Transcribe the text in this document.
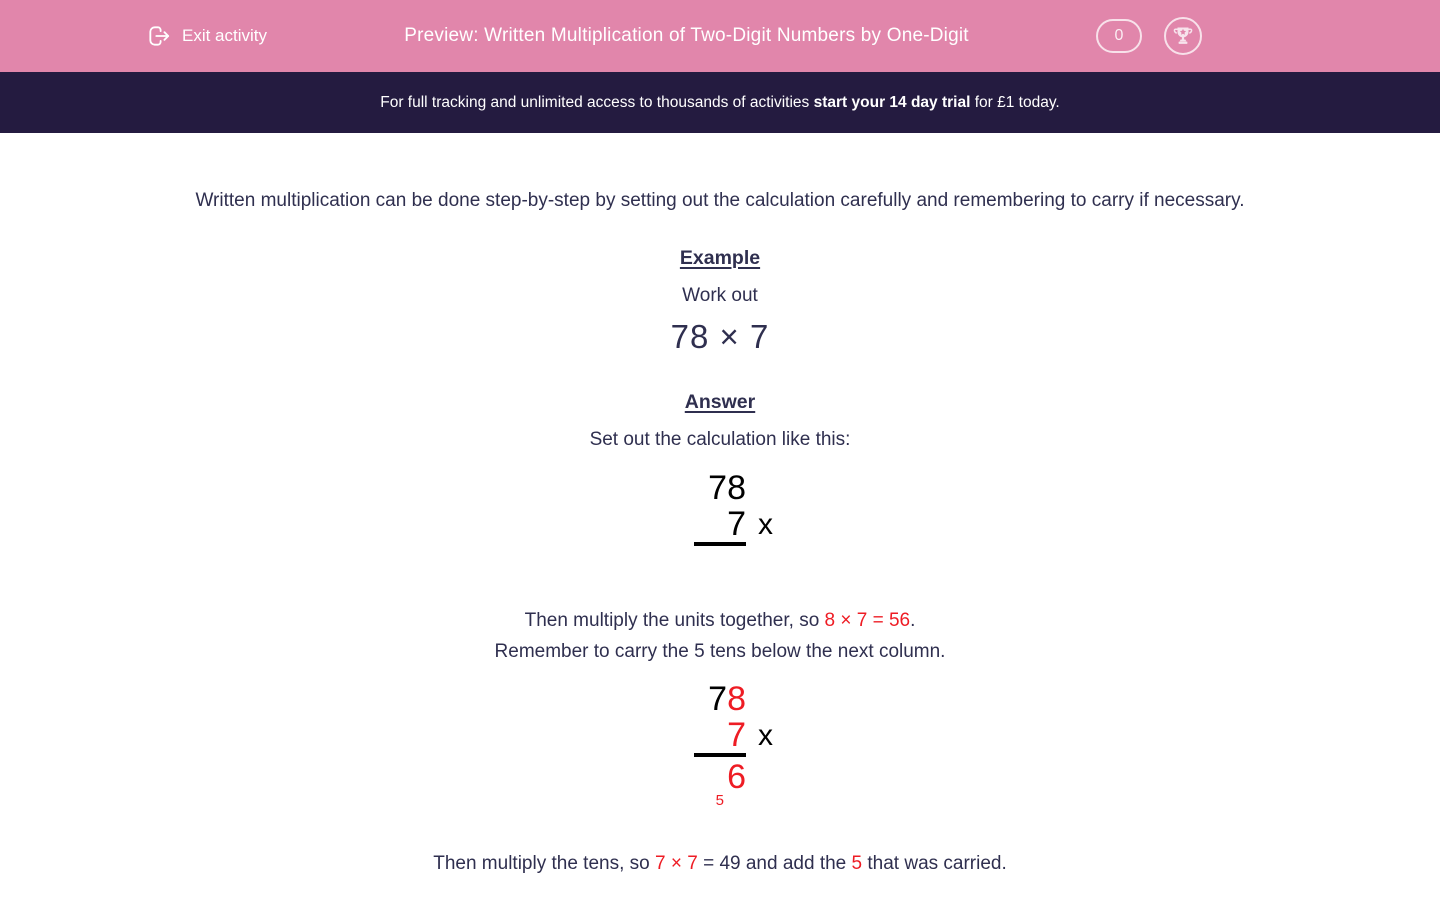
Exit activity	Preview: Written Multiplication of Two-Digit Numbers by One-Digit	0
For full tracking and unlimited access to thousands of activities start your 14 day trial for £1 today.
Written multiplication can be done step-by-step by setting out the calculation carefully and remembering to carry if necessary.
Example
Work out
78 × 7
Answer
Set out the calculation like this:
78
7 x
Then multiply the units together, so 8 × 7 = 56.
Remember to carry the 5 tens below the next column.
78
7 x
6
5
Then multiply the tens, so 7 × 7 = 49 and add the 5 that was carried.
